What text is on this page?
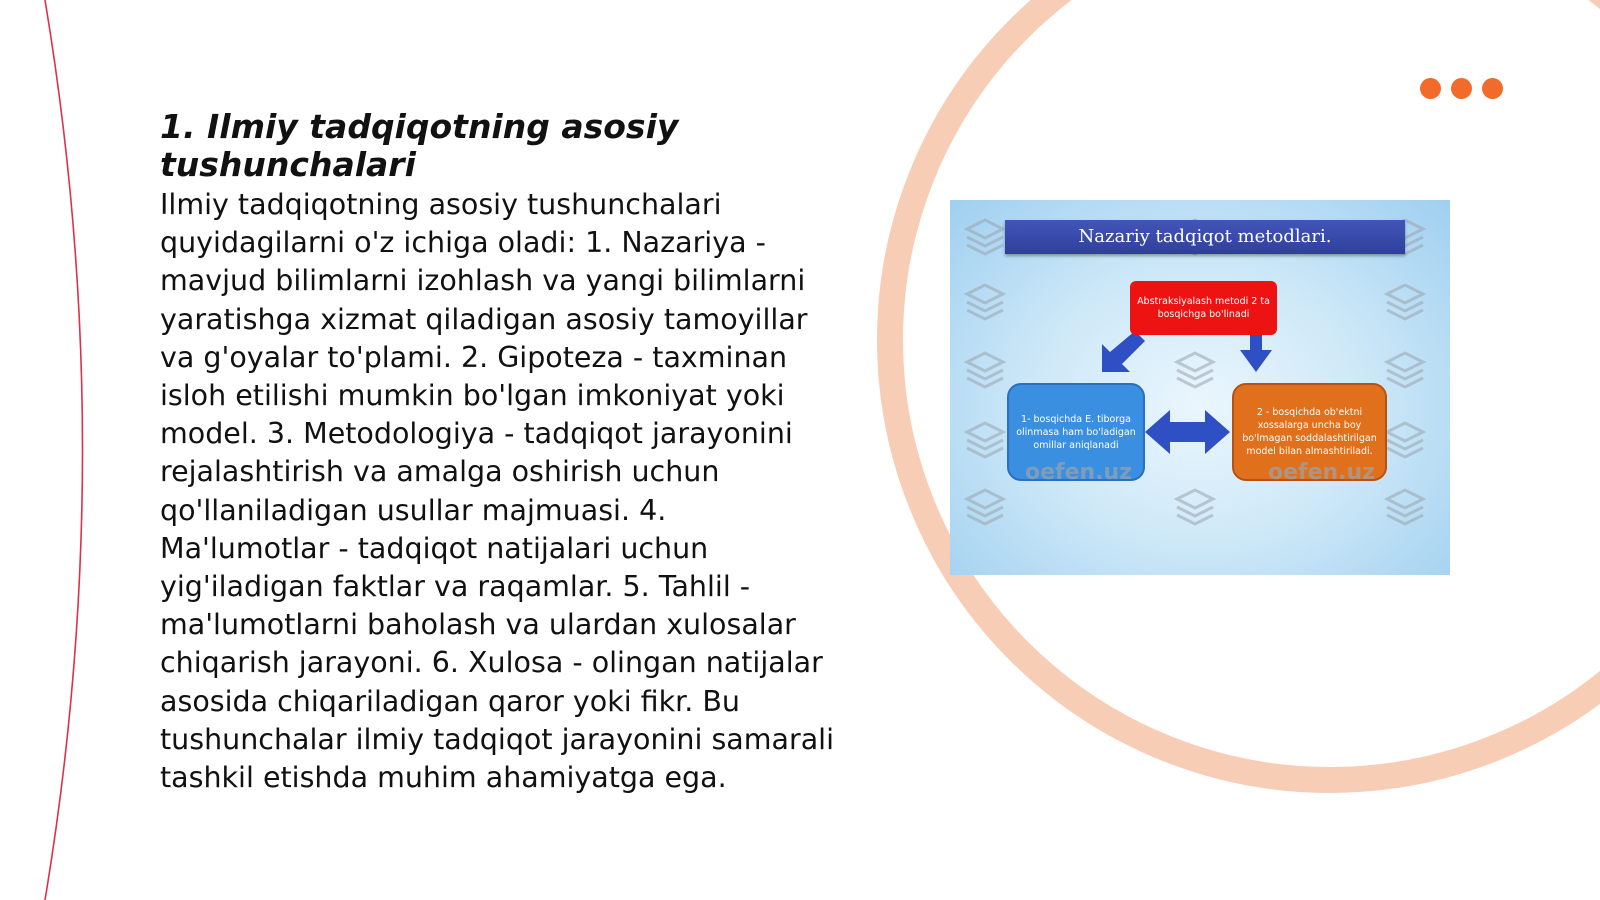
1. Ilmiy tadqiqotning asosiy tushunchalari

Ilmiy tadqiqotning asosiy tushunchalari quyidagilarni o'z ichiga oladi: 1. Nazariya - mavjud bilimlarni izohlash va yangi bilimlarni yaratishga xizmat qiladigan asosiy tamoyillar va g'oyalar to'plami. 2. Gipoteza - taxminan isloh etilishi mumkin bo'lgan imkoniyat yoki model. 3. Metodologiya - tadqiqot jarayonini rejalashtirish va amalga oshirish uchun qo'llaniladigan usullar majmuasi. 4. Ma'lumotlar - tadqiqot natijalari uchun yig'iladigan faktlar va raqamlar. 5. Tahlil - ma'lumotlarni baholash va ulardan xulosalar chiqarish jarayoni. 6. Xulosa - olingan natijalar asosida chiqariladigan qaror yoki fikr. Bu tushunchalar ilmiy tadqiqot jarayonini samarali tashkil etishda muhim ahamiyatga ega.

Nazariy tadqiqot metodlari.
Abstraksiyalash metodi 2 ta bosqichga bo'linadi
1- bosqichda E. tiborga olinmasa ham bo'ladigan omillar aniqlanadi
2 - bosqichda ob'ektni xossalarga uncha boy bo'lmagan soddalashtirilgan model bilan almashtiriladi.
oefen.uz	oefen.uz
